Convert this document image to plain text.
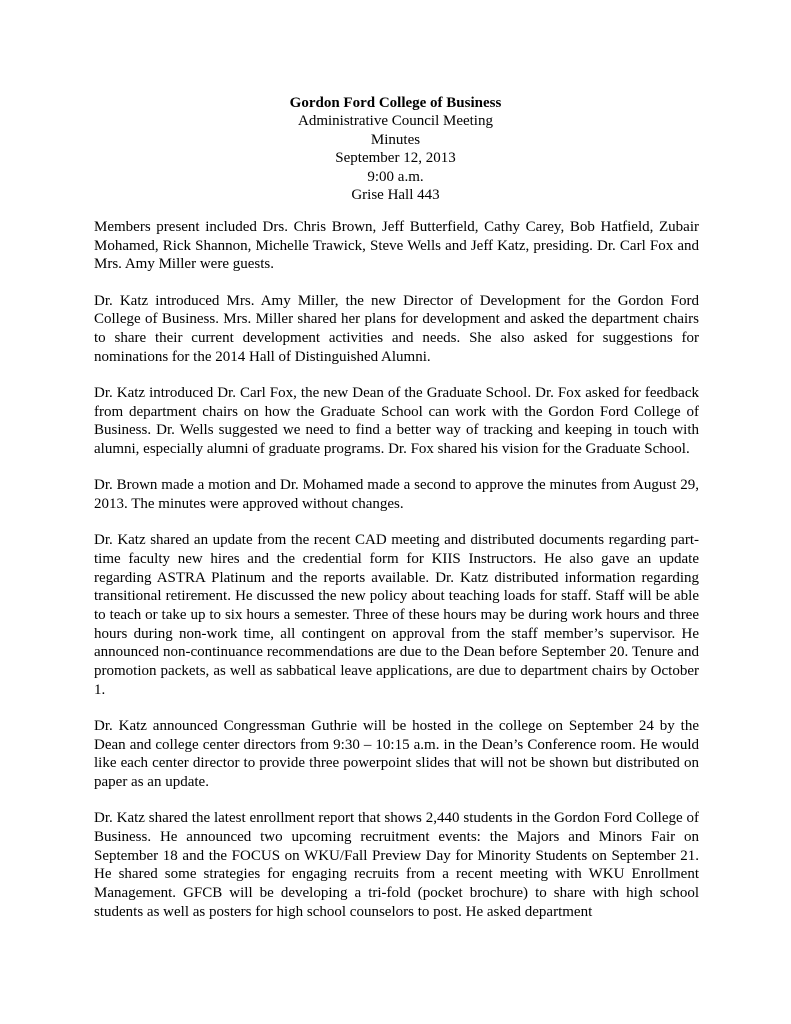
Gordon Ford College of Business
Administrative Council Meeting
Minutes
September 12, 2013
9:00 a.m.
Grise Hall 443

Members present included Drs. Chris Brown, Jeff Butterfield, Cathy Carey, Bob Hatfield, Zubair Mohamed, Rick Shannon, Michelle Trawick, Steve Wells and Jeff Katz, presiding. Dr. Carl Fox and Mrs. Amy Miller were guests.

Dr. Katz introduced Mrs. Amy Miller, the new Director of Development for the Gordon Ford College of Business. Mrs. Miller shared her plans for development and asked the department chairs to share their current development activities and needs. She also asked for suggestions for nominations for the 2014 Hall of Distinguished Alumni.

Dr. Katz introduced Dr. Carl Fox, the new Dean of the Graduate School. Dr. Fox asked for feedback from department chairs on how the Graduate School can work with the Gordon Ford College of Business. Dr. Wells suggested we need to find a better way of tracking and keeping in touch with alumni, especially alumni of graduate programs. Dr. Fox shared his vision for the Graduate School.

Dr. Brown made a motion and Dr. Mohamed made a second to approve the minutes from August 29, 2013. The minutes were approved without changes.

Dr. Katz shared an update from the recent CAD meeting and distributed documents regarding part-time faculty new hires and the credential form for KIIS Instructors. He also gave an update regarding ASTRA Platinum and the reports available. Dr. Katz distributed information regarding transitional retirement. He discussed the new policy about teaching loads for staff. Staff will be able to teach or take up to six hours a semester. Three of these hours may be during work hours and three hours during non-work time, all contingent on approval from the staff member’s supervisor. He announced non-continuance recommendations are due to the Dean before September 20. Tenure and promotion packets, as well as sabbatical leave applications, are due to department chairs by October 1.

Dr. Katz announced Congressman Guthrie will be hosted in the college on September 24 by the Dean and college center directors from 9:30 – 10:15 a.m. in the Dean’s Conference room. He would like each center director to provide three powerpoint slides that will not be shown but distributed on paper as an update.

Dr. Katz shared the latest enrollment report that shows 2,440 students in the Gordon Ford College of Business. He announced two upcoming recruitment events: the Majors and Minors Fair on September 18 and the FOCUS on WKU/Fall Preview Day for Minority Students on September 21. He shared some strategies for engaging recruits from a recent meeting with WKU Enrollment Management. GFCB will be developing a tri-fold (pocket brochure) to share with high school students as well as posters for high school counselors to post. He asked department
